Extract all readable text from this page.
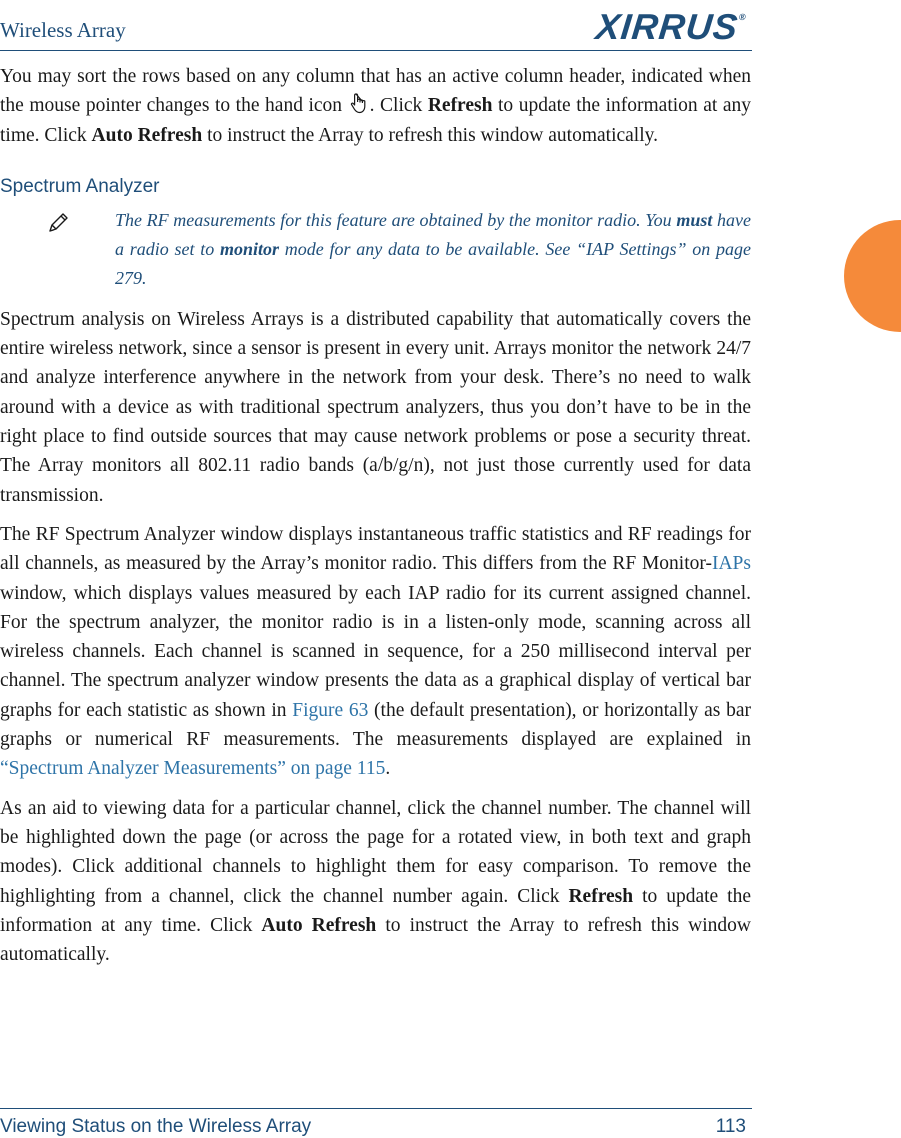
Wireless Array	XIRRUS®

You may sort the rows based on any column that has an active column header, indicated when the mouse pointer changes to the hand icon . Click Refresh to update the information at any time. Click Auto Refresh to instruct the Array to refresh this window automatically.

Spectrum Analyzer

The RF measurements for this feature are obtained by the monitor radio. You must have a radio set to monitor mode for any data to be available. See “IAP Settings” on page 279.

Spectrum analysis on Wireless Arrays is a distributed capability that automatically covers the entire wireless network, since a sensor is present in every unit. Arrays monitor the network 24/7 and analyze interference anywhere in the network from your desk. There’s no need to walk around with a device as with traditional spectrum analyzers, thus you don’t have to be in the right place to find outside sources that may cause network problems or pose a security threat. The Array monitors all 802.11 radio bands (a/b/g/n), not just those currently used for data transmission.

The RF Spectrum Analyzer window displays instantaneous traffic statistics and RF readings for all channels, as measured by the Array’s monitor radio. This differs from the RF Monitor-IAPs window, which displays values measured by each IAP radio for its current assigned channel. For the spectrum analyzer, the monitor radio is in a listen-only mode, scanning across all wireless channels. Each channel is scanned in sequence, for a 250 millisecond interval per channel. The spectrum analyzer window presents the data as a graphical display of vertical bar graphs for each statistic as shown in Figure 63 (the default presentation), or horizontally as bar graphs or numerical RF measurements. The measurements displayed are explained in “Spectrum Analyzer Measurements” on page 115.

As an aid to viewing data for a particular channel, click the channel number. The channel will be highlighted down the page (or across the page for a rotated view, in both text and graph modes). Click additional channels to highlight them for easy comparison. To remove the highlighting from a channel, click the channel number again. Click Refresh to update the information at any time. Click Auto Refresh to instruct the Array to refresh this window automatically.

Viewing Status on the Wireless Array	113
